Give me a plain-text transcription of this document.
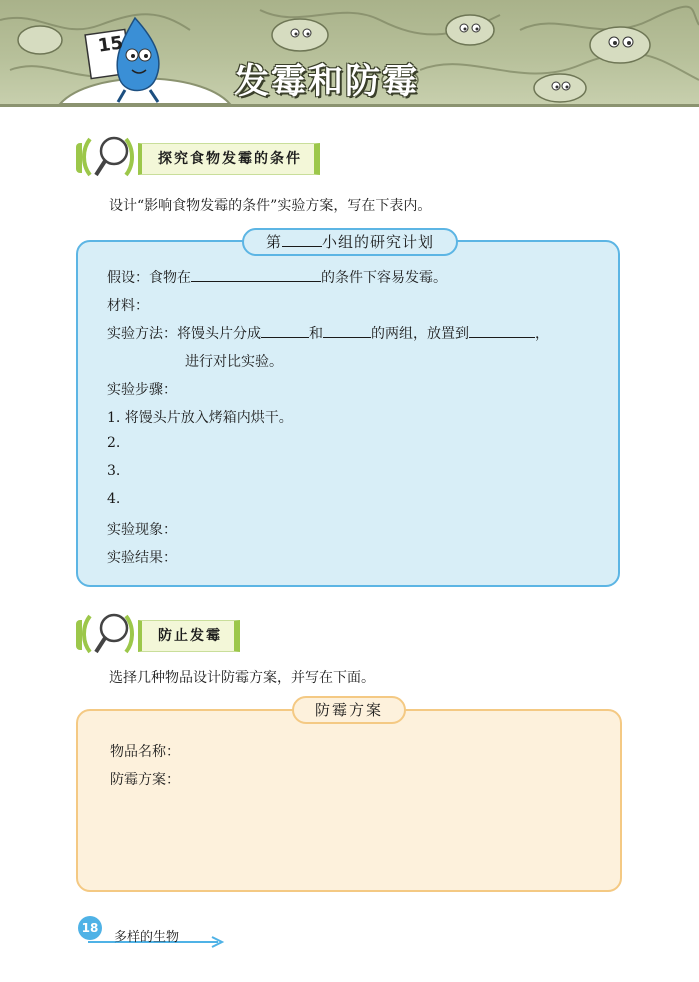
15
发霉和防霉
探究食物发霉的条件
设计“影响食物发霉的条件”实验方案，写在下表内。
第	小组的研究计划
假设：食物在	的条件下容易发霉。
材料：
实验方法：将馒头片分成	和	的两组，放置到	，
进行对比实验。
实验步骤：
1. 将馒头片放入烤箱内烘干。
2.
3.
4.
实验现象：
实验结果：
防止发霉
选择几种物品设计防霉方案，并写在下面。
防霉方案
物品名称：
防霉方案：
18
多样的生物
